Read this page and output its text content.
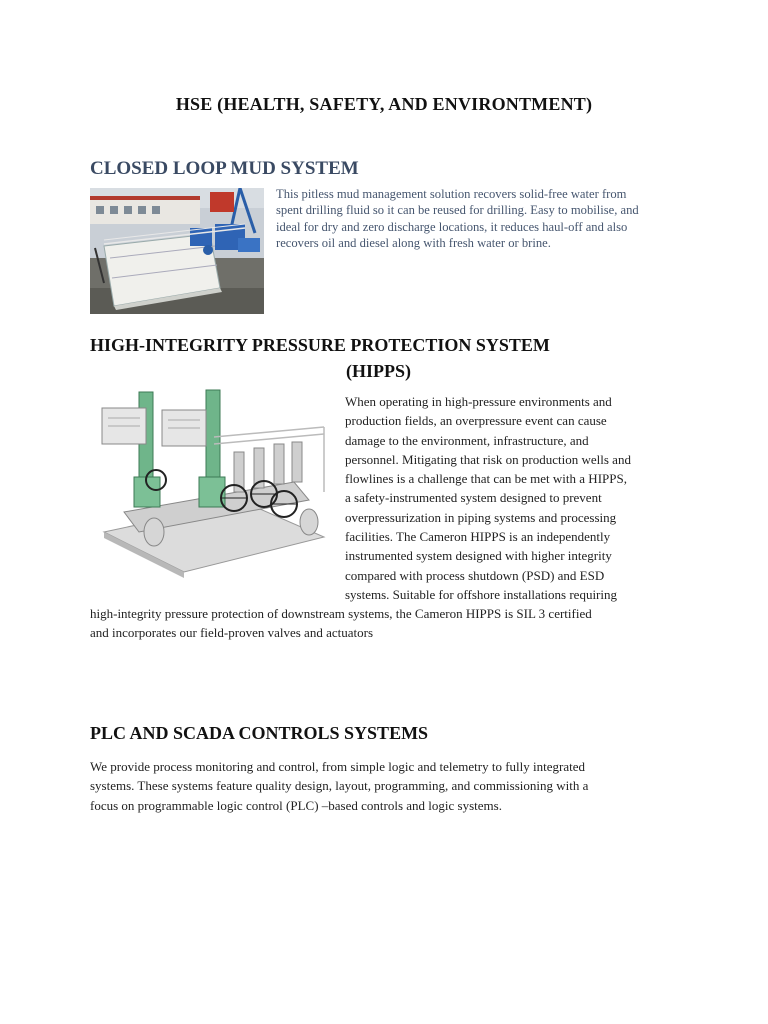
HSE (HEALTH, SAFETY, AND ENVIRONTMENT)
CLOSED LOOP MUD SYSTEM
This pitless mud management solution recovers solid-free water from
spent drilling fluid so it can be reused for drilling. Easy to mobilise, and
ideal for dry and zero discharge locations, it reduces haul-off and also
recovers oil and diesel along with fresh water or brine.
HIGH-INTEGRITY PRESSURE PROTECTION SYSTEM
(HIPPS)
When operating in high-pressure environments and
production fields, an overpressure event can cause
damage to the environment, infrastructure, and
personnel. Mitigating that risk on production wells and
flowlines is a challenge that can be met with a HIPPS,
a safety-instrumented system designed to prevent
overpressurization in piping systems and processing
facilities. The Cameron HIPPS is an independently
instrumented system designed with higher integrity
compared with process shutdown (PSD) and ESD
systems. Suitable for offshore installations requiring
high-integrity pressure protection of downstream systems, the Cameron HIPPS is SIL 3 certified
and incorporates our field-proven valves and actuators
PLC AND SCADA CONTROLS SYSTEMS
We provide process monitoring and control, from simple logic and telemetry to fully integrated
systems. These systems feature quality design, layout, programming, and commissioning with a
focus on programmable logic control (PLC) –based controls and logic systems.
